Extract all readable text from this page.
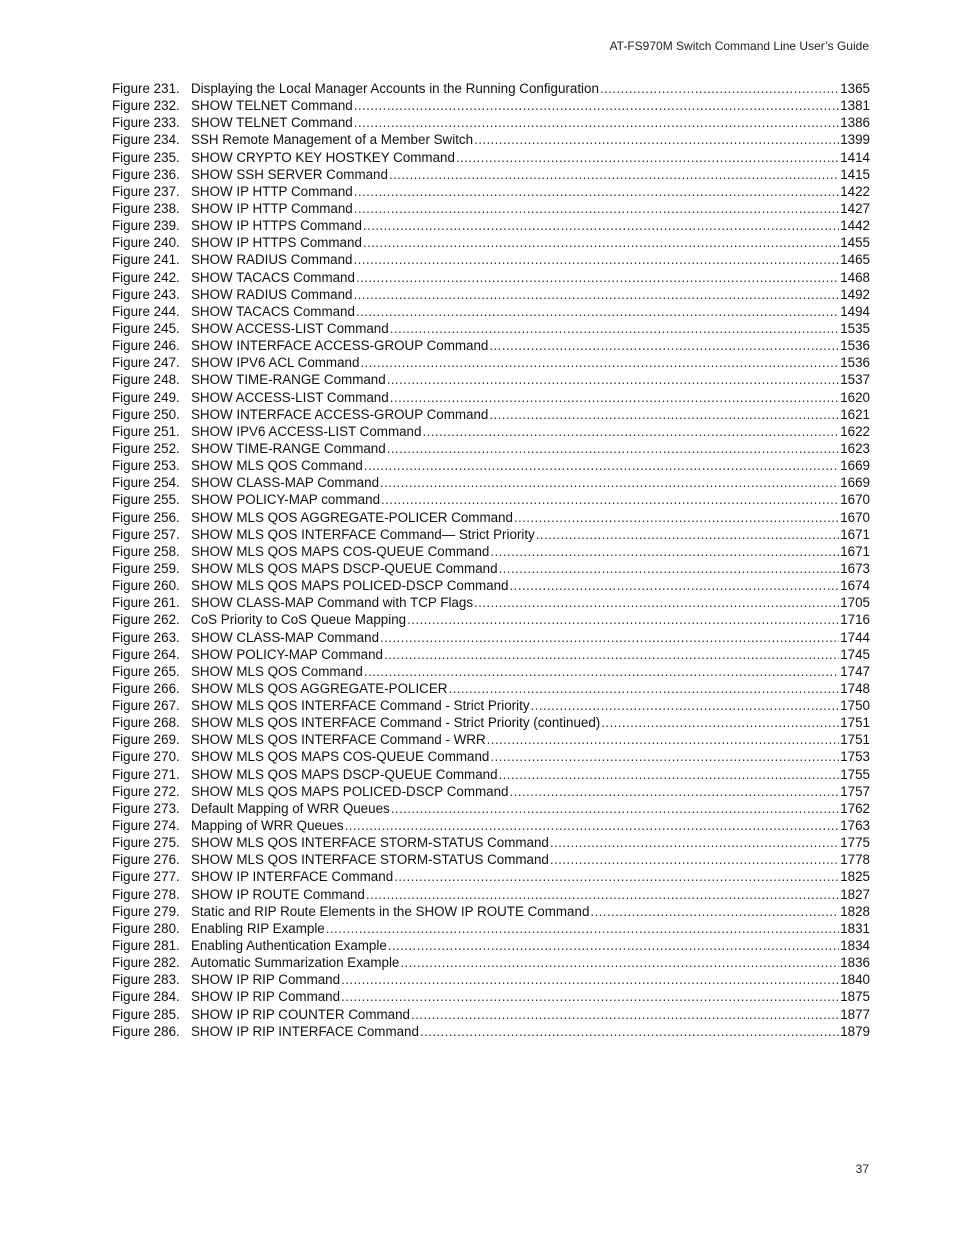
AT-FS970M Switch Command Line User’s Guide
Figure 231. Displaying the Local Manager Accounts in the Running Configuration .....	1365
Figure 232. SHOW TELNET Command .....	1381
Figure 233. SHOW TELNET Command .....	1386
Figure 234. SSH Remote Management of a Member Switch .....	1399
Figure 235. SHOW CRYPTO KEY HOSTKEY Command .....	1414
Figure 236. SHOW SSH SERVER Command .....	1415
Figure 237. SHOW IP HTTP Command .....	1422
Figure 238. SHOW IP HTTP Command .....	1427
Figure 239. SHOW IP HTTPS Command .....	1442
Figure 240. SHOW IP HTTPS Command .....	1455
Figure 241. SHOW RADIUS Command .....	1465
Figure 242. SHOW TACACS Command .....	1468
Figure 243. SHOW RADIUS Command .....	1492
Figure 244. SHOW TACACS Command .....	1494
Figure 245. SHOW ACCESS-LIST Command .....	1535
Figure 246. SHOW INTERFACE ACCESS-GROUP Command .....	1536
Figure 247. SHOW IPV6 ACL Command .....	1536
Figure 248. SHOW TIME-RANGE Command .....	1537
Figure 249. SHOW ACCESS-LIST Command .....	1620
Figure 250. SHOW INTERFACE ACCESS-GROUP Command .....	1621
Figure 251. SHOW IPV6 ACCESS-LIST Command .....	1622
Figure 252. SHOW TIME-RANGE Command .....	1623
Figure 253. SHOW MLS QOS Command .....	1669
Figure 254. SHOW CLASS-MAP Command .....	1669
Figure 255. SHOW POLICY-MAP command .....	1670
Figure 256. SHOW MLS QOS AGGREGATE-POLICER Command .....	1670
Figure 257. SHOW MLS QOS INTERFACE Command— Strict Priority .....	1671
Figure 258. SHOW MLS QOS MAPS COS-QUEUE Command .....	1671
Figure 259. SHOW MLS QOS MAPS DSCP-QUEUE Command .....	1673
Figure 260. SHOW MLS QOS MAPS POLICED-DSCP Command .....	1674
Figure 261. SHOW CLASS-MAP Command with TCP Flags .....	1705
Figure 262. CoS Priority to CoS Queue Mapping .....	1716
Figure 263. SHOW CLASS-MAP Command .....	1744
Figure 264. SHOW POLICY-MAP Command .....	1745
Figure 265. SHOW MLS QOS Command .....	1747
Figure 266. SHOW MLS QOS AGGREGATE-POLICER .....	1748
Figure 267. SHOW MLS QOS INTERFACE Command - Strict Priority .....	1750
Figure 268. SHOW MLS QOS INTERFACE Command - Strict Priority (continued) .....	1751
Figure 269. SHOW MLS QOS INTERFACE Command - WRR .....	1751
Figure 270. SHOW MLS QOS MAPS COS-QUEUE Command .....	1753
Figure 271. SHOW MLS QOS MAPS DSCP-QUEUE Command .....	1755
Figure 272. SHOW MLS QOS MAPS POLICED-DSCP Command .....	1757
Figure 273. Default Mapping of WRR Queues .....	1762
Figure 274. Mapping of WRR Queues .....	1763
Figure 275. SHOW MLS QOS INTERFACE STORM-STATUS Command .....	1775
Figure 276. SHOW MLS QOS INTERFACE STORM-STATUS Command .....	1778
Figure 277. SHOW IP INTERFACE Command .....	1825
Figure 278. SHOW IP ROUTE Command .....	1827
Figure 279. Static and RIP Route Elements in the SHOW IP ROUTE Command .....	1828
Figure 280. Enabling RIP Example .....	1831
Figure 281. Enabling Authentication Example .....	1834
Figure 282. Automatic Summarization Example .....	1836
Figure 283. SHOW IP RIP Command .....	1840
Figure 284. SHOW IP RIP Command .....	1875
Figure 285. SHOW IP RIP COUNTER Command .....	1877
Figure 286. SHOW IP RIP INTERFACE Command .....	1879
37
